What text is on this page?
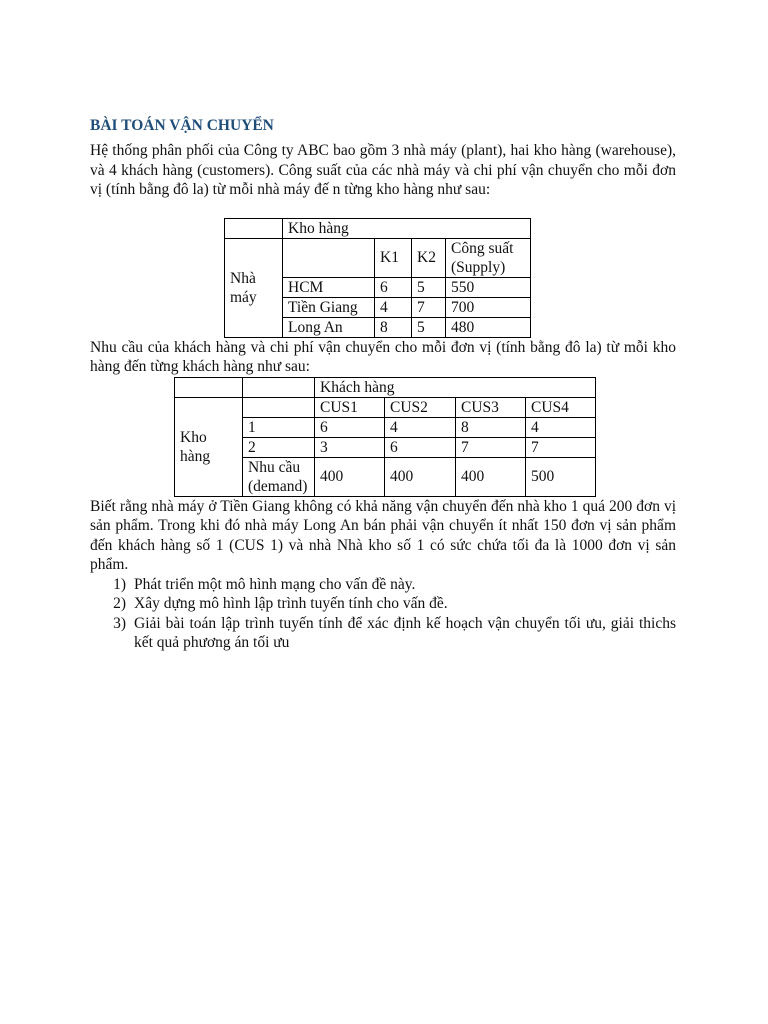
BÀI TOÁN VẬN CHUYỂN

Hệ thống phân phối của Công ty ABC bao gồm 3 nhà máy (plant), hai kho hàng (warehouse), và 4 khách hàng (customers). Công suất của các nhà máy và chi phí vận chuyển cho mỗi đơn vị (tính bằng đô la) từ mỗi nhà máy đế n từng kho hàng như sau:

	Kho hàng			
Nhà máy		K1	K2	Công suất (Supply)
	HCM	6	5	550
	Tiền Giang	4	7	700
	Long An	8	5	480

Nhu cầu của khách hàng và chi phí vận chuyển cho mỗi đơn vị (tính bằng đô la) từ mỗi kho hàng đến từng khách hàng như sau:

		Khách hàng			
Kho hàng		CUS1	CUS2	CUS3	CUS4
	1	6	4	8	4
	2	3	6	7	7
	Nhu cầu (demand)	400	400	400	500

Biết rằng nhà máy ở Tiền Giang không có khả năng vận chuyển đến nhà kho 1 quá 200 đơn vị sản phẩm. Trong khi đó nhà máy Long An bán phải vận chuyển ít nhất 150 đơn vị sản phẩm đến khách hàng số 1 (CUS 1) và nhà Nhà kho số 1 có sức chứa tối đa là 1000 đơn vị sản phẩm.

1) Phát triển một mô hình mạng cho vấn đề này.
2) Xây dựng mô hình lập trình tuyến tính cho vấn đề.
3) Giải bài toán lập trình tuyến tính để xác định kế hoạch vận chuyển tối ưu, giải thichs kết quả phương án tối ưu
